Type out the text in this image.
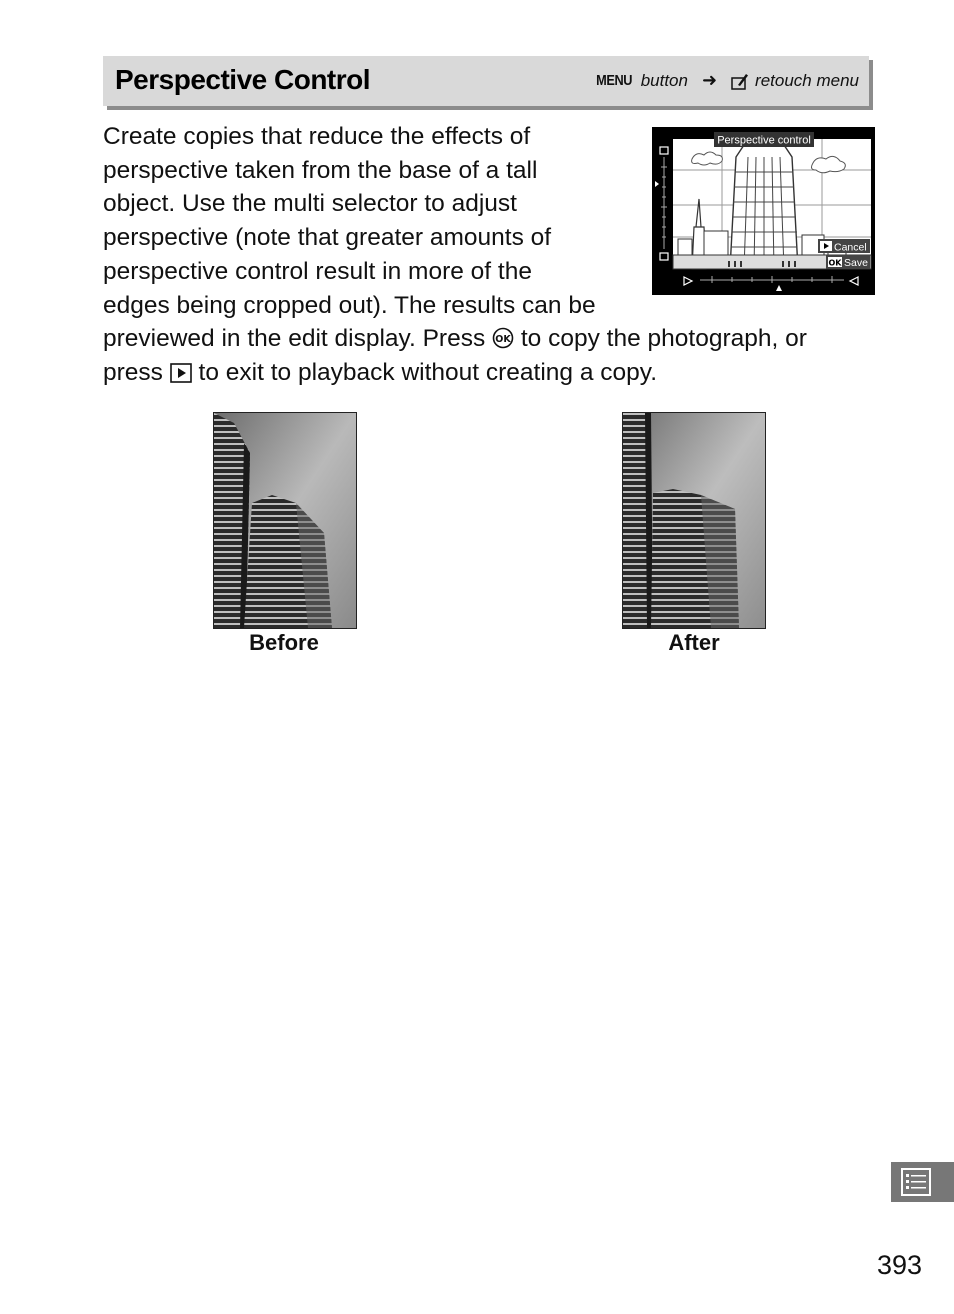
Perspective Control	MENU button ➜ retouch menu
Create copies that reduce the effects of
perspective taken from the base of a tall
object. Use the multi selector to adjust
perspective (note that greater amounts of
perspective control result in more of the
edges being cropped out). The results can be
previewed in the edit display. Press OK to copy the photograph, or
press to exit to playback without creating a copy.
Perspective control
Cancel
OK Save
Before	After
393
